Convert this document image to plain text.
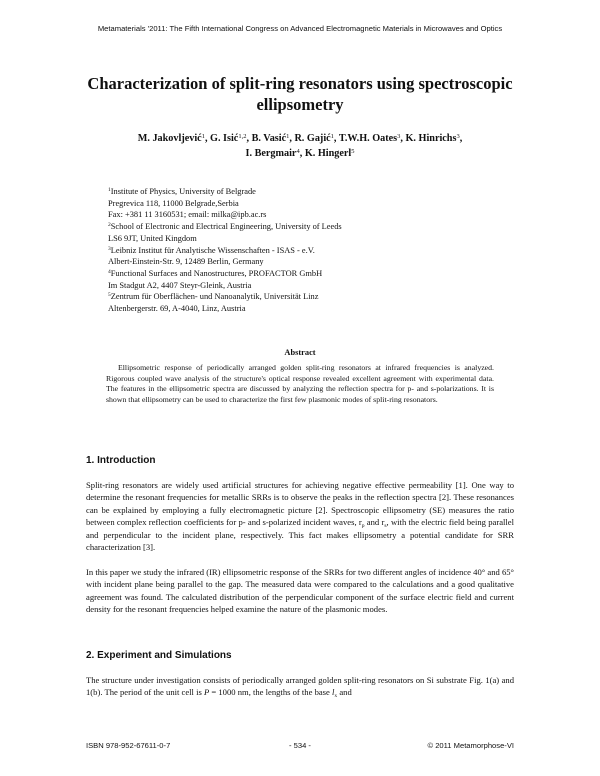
Metamaterials '2011: The Fifth International Congress on Advanced Electromagnetic Materials in Microwaves and Optics
Characterization of split-ring resonators using spectroscopic ellipsometry
M. Jakovljević$^1$, G. Isić$^{1,2}$, B. Vasić$^1$, R. Gajić$^1$, T.W.H. Oates$^3$, K. Hinrichs$^3$,
I. Bergmair$^4$, K. Hingerl$^5$
$^1$Institute of Physics, University of Belgrade
Pregrevica 118, 11000 Belgrade,Serbia
Fax: +381 11 3160531; email: milka@ipb.ac.rs
$^2$School of Electronic and Electrical Engineering, University of Leeds
LS6 9JT, United Kingdom
$^3$Leibniz Institut für Analytische Wissenschaften - ISAS - e.V.
Albert-Einstein-Str. 9, 12489 Berlin, Germany
$^4$Functional Surfaces and Nanostructures, PROFACTOR GmbH
Im Stadgut A2, 4407 Steyr-Gleink, Austria
$^5$Zentrum für Oberflächen- und Nanoanalytik, Universität Linz
Altenbergerstr. 69, A-4040, Linz, Austria
Abstract
Ellipsometric response of periodically arranged golden split-ring resonators at infrared frequencies is analyzed. Rigorous coupled wave analysis of the structure's optical response revealed excellent agreement with experimental data. The features in the ellipsometric spectra are discussed by analyzing the reflection spectra for p- and s-polarizations. It is shown that ellipsometry can be used to characterize the first few plasmonic modes of split-ring resonators.
1. Introduction
Split-ring resonators are widely used artificial structures for achieving negative effective permeability [1]. One way to determine the resonant frequencies for metallic SRRs is to observe the peaks in the reflection spectra [2]. These resonances can be explained by employing a fully electromagnetic picture [2]. Spectroscopic ellipsometry (SE) measures the ratio between complex reflection coefficients for p- and s-polarized incident waves, $r_p$ and $r_s$, with the electric field being parallel and perpendicular to the incident plane, respectively. This fact makes ellipsometry a potential candidate for SRR characterization [3].
In this paper we study the infrared (IR) ellipsometric response of the SRRs for two different angles of incidence 40° and 65° with incident plane being parallel to the gap. The measured data were compared to the calculations and a good qualitative agreement was found. The calculated distribution of the perpendicular component of the surface electric field and current density for the resonant frequencies helped examine the nature of the plasmonic modes.
2. Experiment and Simulations
The structure under investigation consists of periodically arranged golden split-ring resonators on Si substrate Fig. 1(a) and 1(b). The period of the unit cell is P = 1000 nm, the lengths of the base $l_x$ and
ISBN 978-952-67611-0-7	- 534 -	© 2011 Metamorphose-VI
